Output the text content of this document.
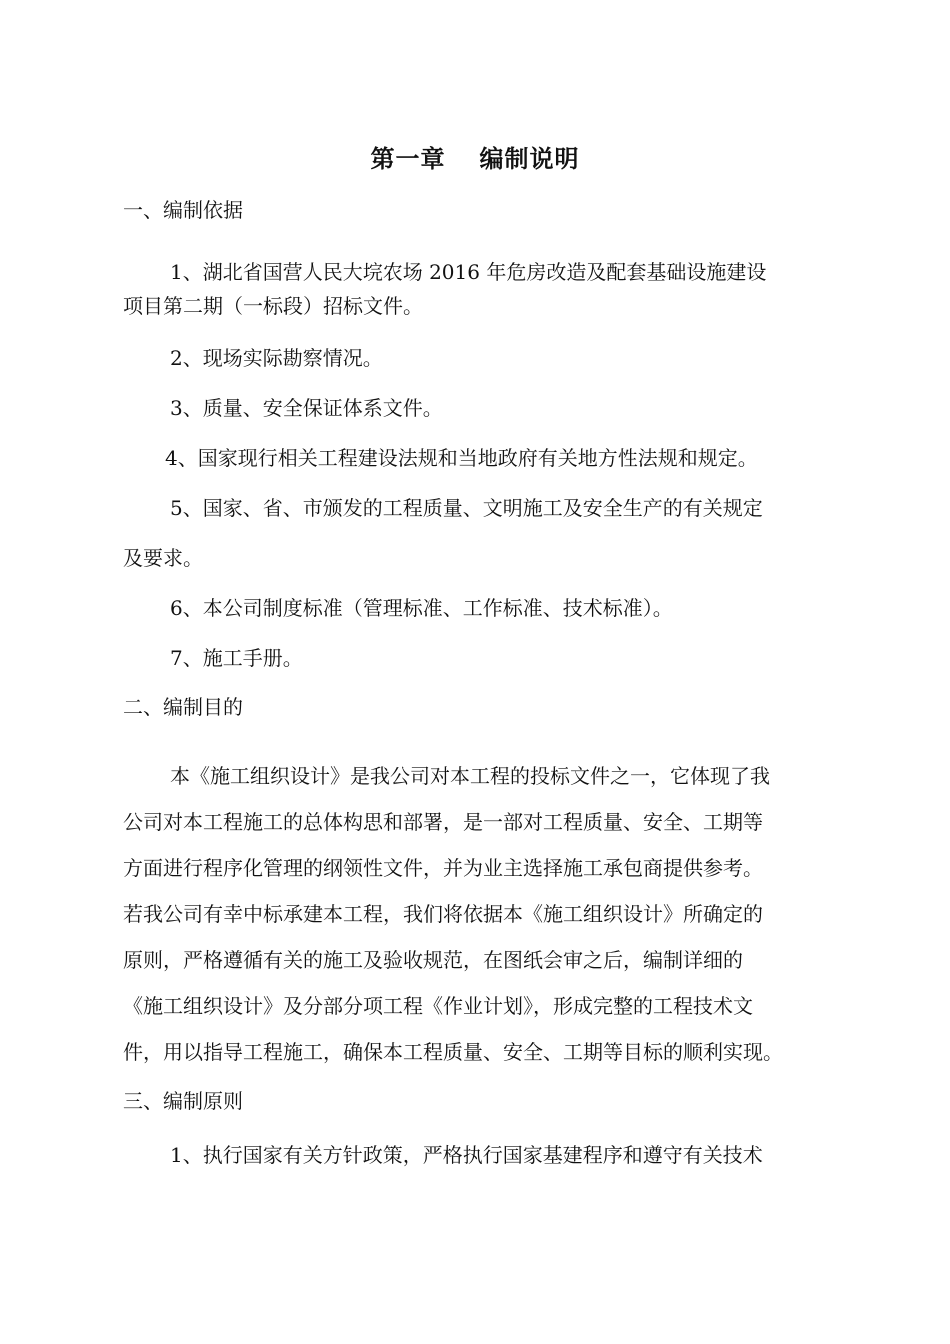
第一章 编制说明
一、编制依据
1、湖北省国营人民大垸农场 2016 年危房改造及配套基础设施建设
项目第二期（一标段）招标文件。
2、现场实际勘察情况。
3、质量、安全保证体系文件。
4、国家现行相关工程建设法规和当地政府有关地方性法规和规定。
5、国家、省、市颁发的工程质量、文明施工及安全生产的有关规定
及要求。
6、本公司制度标准（管理标准、工作标准、技术标准）。
7、施工手册。
二、编制目的
本《施工组织设计》是我公司对本工程的投标文件之一，它体现了我
公司对本工程施工的总体构思和部署，是一部对工程质量、安全、工期等
方面进行程序化管理的纲领性文件，并为业主选择施工承包商提供参考。
若我公司有幸中标承建本工程，我们将依据本《施工组织设计》所确定的
原则，严格遵循有关的施工及验收规范，在图纸会审之后，编制详细的
《施工组织设计》及分部分项工程《作业计划》，形成完整的工程技术文
件，用以指导工程施工，确保本工程质量、安全、工期等目标的顺利实现。
三、编制原则
1、执行国家有关方针政策，严格执行国家基建程序和遵守有关技术
